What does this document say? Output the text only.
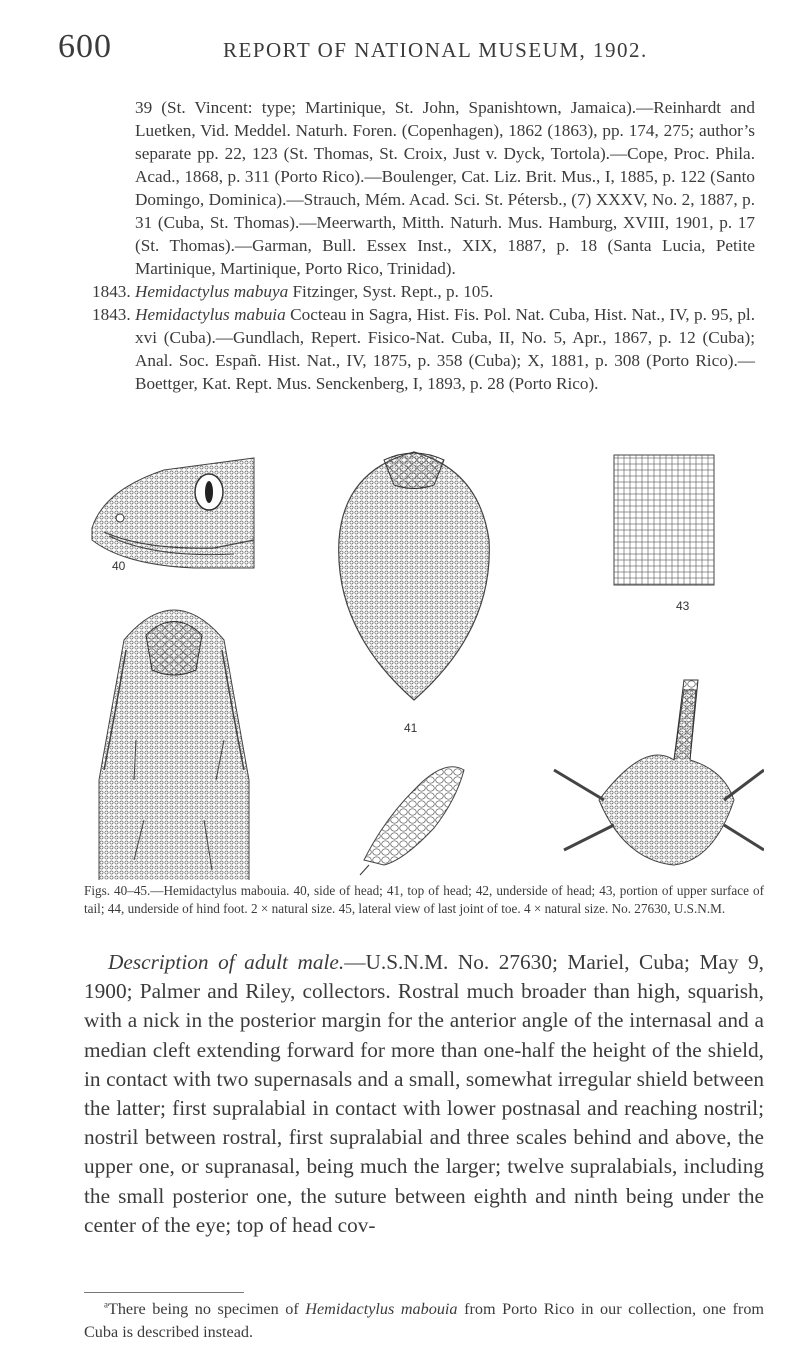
600	REPORT OF NATIONAL MUSEUM, 1902.

39 (St. Vincent: type; Martinique, St. John, Spanishtown, Jamaica).—Reinhardt and Luetken, Vid. Meddel. Naturh. Foren. (Copenhagen), 1862 (1863), pp. 174, 275; author’s separate pp. 22, 123 (St. Thomas, St. Croix, Just v. Dyck, Tortola).—Cope, Proc. Phila. Acad., 1868, p. 311 (Porto Rico).—Boulenger, Cat. Liz. Brit. Mus., I, 1885, p. 122 (Santo Domingo, Dominica).—Strauch, Mém. Acad. Sci. St. Pétersb., (7) XXXV, No. 2, 1887, p. 31 (Cuba, St. Thomas).—Meerwarth, Mitth. Naturh. Mus. Hamburg, XVIII, 1901, p. 17 (St. Thomas).—Garman, Bull. Essex Inst., XIX, 1887, p. 18 (Santa Lucia, Petite Martinique, Martinique, Porto Rico, Trinidad).

1843. Hemidactylus mabuya Fitzinger, Syst. Rept., p. 105.

1843. Hemidactylus mabuia Cocteau in Sagra, Hist. Fis. Pol. Nat. Cuba, Hist. Nat., IV, p. 95, pl. xvi (Cuba).—Gundlach, Repert. Fisico-Nat. Cuba, II, No. 5, Apr., 1867, p. 12 (Cuba); Anal. Soc. Españ. Hist. Nat., IV, 1875, p. 358 (Cuba); X, 1881, p. 308 (Porto Rico).—Boettger, Kat. Rept. Mus. Senckenberg, I, 1893, p. 28 (Porto Rico).

40
41
43
Figs. 40–45.—Hemidactylus mabouia. 40, side of head; 41, top of head; 42, underside of head; 43, portion of upper surface of tail; 44, underside of hind foot. 2 × natural size. 45, lateral view of last joint of toe. 4 × natural size. No. 27630, U.S.N.M.

Description of adult male.—U.S.N.M. No. 27630; Mariel, Cuba; May 9, 1900; Palmer and Riley, collectors. Rostral much broader than high, squarish, with a nick in the posterior margin for the anterior angle of the internasal and a median cleft extending forward for more than one-half the height of the shield, in contact with two supernasals and a small, somewhat irregular shield between the latter; first supralabial in contact with lower postnasal and reaching nostril; nostril between rostral, first supralabial and three scales behind and above, the upper one, or supranasal, being much the larger; twelve supralabials, including the small posterior one, the suture between eighth and ninth being under the center of the eye; top of head cov-

$^a$There being no specimen of Hemidactylus mabouia from Porto Rico in our collection, one from Cuba is described instead.
